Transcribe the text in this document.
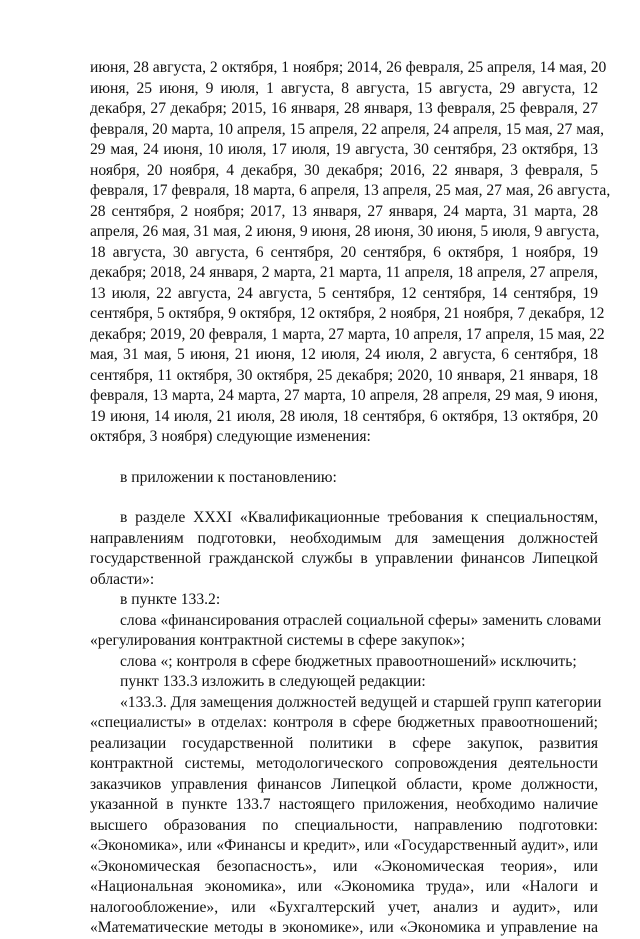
июня, 28 августа, 2 октября, 1 ноября; 2014, 26 февраля, 25 апреля, 14 мая, 20
июня, 25 июня, 9 июля, 1 августа, 8 августа, 15 августа, 29 августа, 12
декабря, 27 декабря; 2015, 16 января, 28 января, 13 февраля, 25 февраля, 27
февраля, 20 марта, 10 апреля, 15 апреля, 22 апреля, 24 апреля, 15 мая, 27 мая,
29 мая, 24 июня, 10 июля, 17 июля, 19 августа, 30 сентября, 23 октября, 13
ноября, 20 ноября, 4 декабря, 30 декабря; 2016, 22 января, 3 февраля, 5
февраля, 17 февраля, 18 марта, 6 апреля, 13 апреля, 25 мая, 27 мая, 26 августа,
28 сентября, 2 ноября; 2017, 13 января, 27 января, 24 марта, 31 марта, 28
апреля, 26 мая, 31 мая, 2 июня, 9 июня, 28 июня, 30 июня, 5 июля, 9 августа,
18 августа, 30 августа, 6 сентября, 20 сентября, 6 октября, 1 ноября, 19
декабря; 2018, 24 января, 2 марта, 21 марта, 11 апреля, 18 апреля, 27 апреля,
13 июля, 22 августа, 24 августа, 5 сентября, 12 сентября, 14 сентября, 19
сентября, 5 октября, 9 октября, 12 октября, 2 ноября, 21 ноября, 7 декабря, 12
декабря; 2019, 20 февраля, 1 марта, 27 марта, 10 апреля, 17 апреля, 15 мая, 22
мая, 31 мая, 5 июня, 21 июня, 12 июля, 24 июля, 2 августа, 6 сентября, 18
сентября, 11 октября, 30 октября, 25 декабря; 2020, 10 января, 21 января, 18
февраля, 13 марта, 24 марта, 27 марта, 10 апреля, 28 апреля, 29 мая, 9 июня,
19 июня, 14 июля, 21 июля, 28 июля, 18 сентября, 6 октября, 13 октября, 20
октября, 3 ноября) следующие изменения:
в приложении к постановлению:
в разделе XXXI «Квалификационные требования к специальностям,
направлениям подготовки, необходимым для замещения должностей
государственной гражданской службы в управлении финансов Липецкой
области»:
в пункте 133.2:
слова «финансирования отраслей социальной сферы» заменить словами
«регулирования контрактной системы в сфере закупок»;
слова «; контроля в сфере бюджетных правоотношений» исключить;
пункт 133.3 изложить в следующей редакции:
«133.3. Для замещения должностей ведущей и старшей групп категории
«специалисты» в отделах: контроля в сфере бюджетных правоотношений;
реализации государственной политики в сфере закупок, развития
контрактной системы, методологического сопровождения деятельности
заказчиков управления финансов Липецкой области, кроме должности,
указанной в пункте 133.7 настоящего приложения, необходимо наличие
высшего образования по специальности, направлению подготовки:
«Экономика», или «Финансы и кредит», или «Государственный аудит», или
«Экономическая безопасность», или «Экономическая теория», или
«Национальная экономика», или «Экономика труда», или «Налоги и
налогообложение», или «Бухгалтерский учет, анализ и аудит», или
«Математические методы в экономике», или «Экономика и управление на
